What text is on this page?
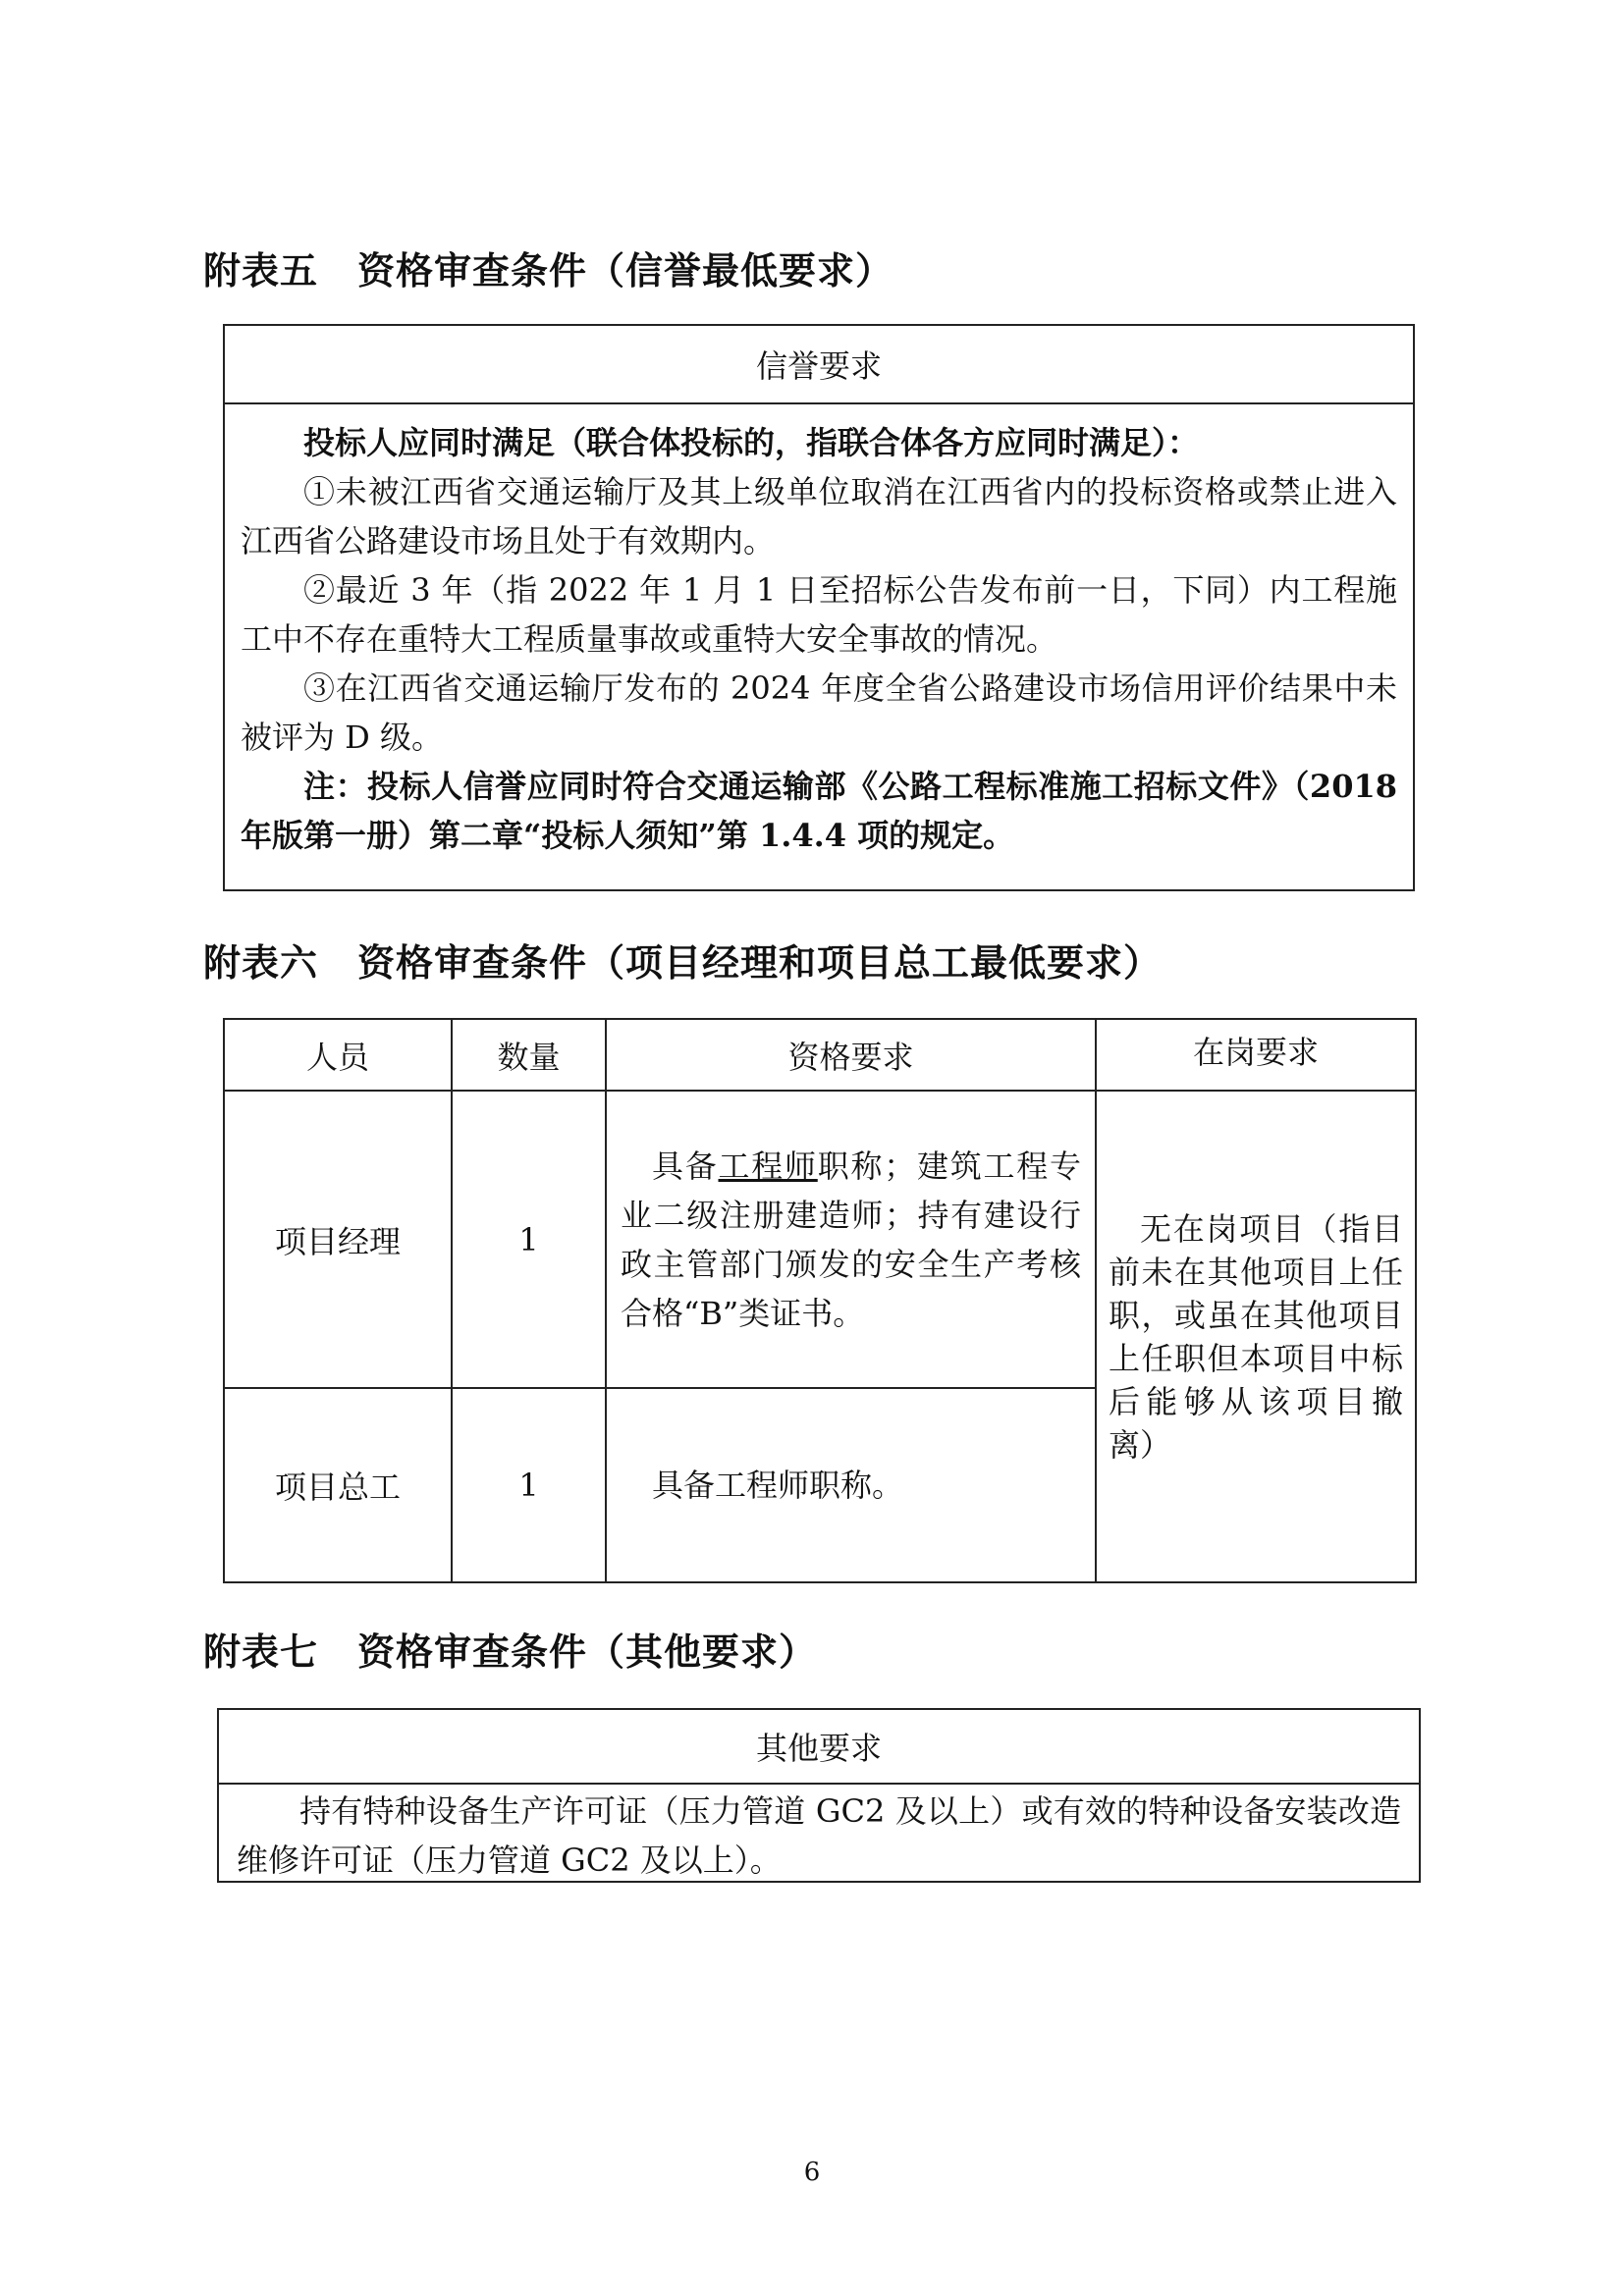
附表五 资格审查条件（信誉最低要求）
信誉要求
投标人应同时满足（联合体投标的，指联合体各方应同时满足）：
①未被江西省交通运输厅及其上级单位取消在江西省内的投标资格或禁止进入江西省公路建设市场且处于有效期内。
②最近 3 年（指 2022 年 1 月 1 日至招标公告发布前一日，下同）内工程施工中不存在重特大工程质量事故或重特大安全事故的情况。
③在江西省交通运输厅发布的 2024 年度全省公路建设市场信用评价结果中未被评为 D 级。
注：投标人信誉应同时符合交通运输部《公路工程标准施工招标文件》（2018 年版第一册）第二章“投标人须知”第 1.4.4 项的规定。
附表六 资格审查条件（项目经理和项目总工最低要求）
人员	数量	资格要求	在岗要求
项目经理	1	具备工程师职称；建筑工程专业二级注册建造师；持有建设行政主管部门颁发的安全生产考核合格“B”类证书。	无在岗项目（指目前未在其他项目上任职，或虽在其他项目上任职但本项目中标后能够从该项目撤离）

项目总工	1	具备工程师职称。	
附表七 资格审查条件（其他要求）
其他要求
持有特种设备生产许可证（压力管道 GC2 及以上）或有效的特种设备安装改造维修许可证（压力管道 GC2 及以上）。
6
